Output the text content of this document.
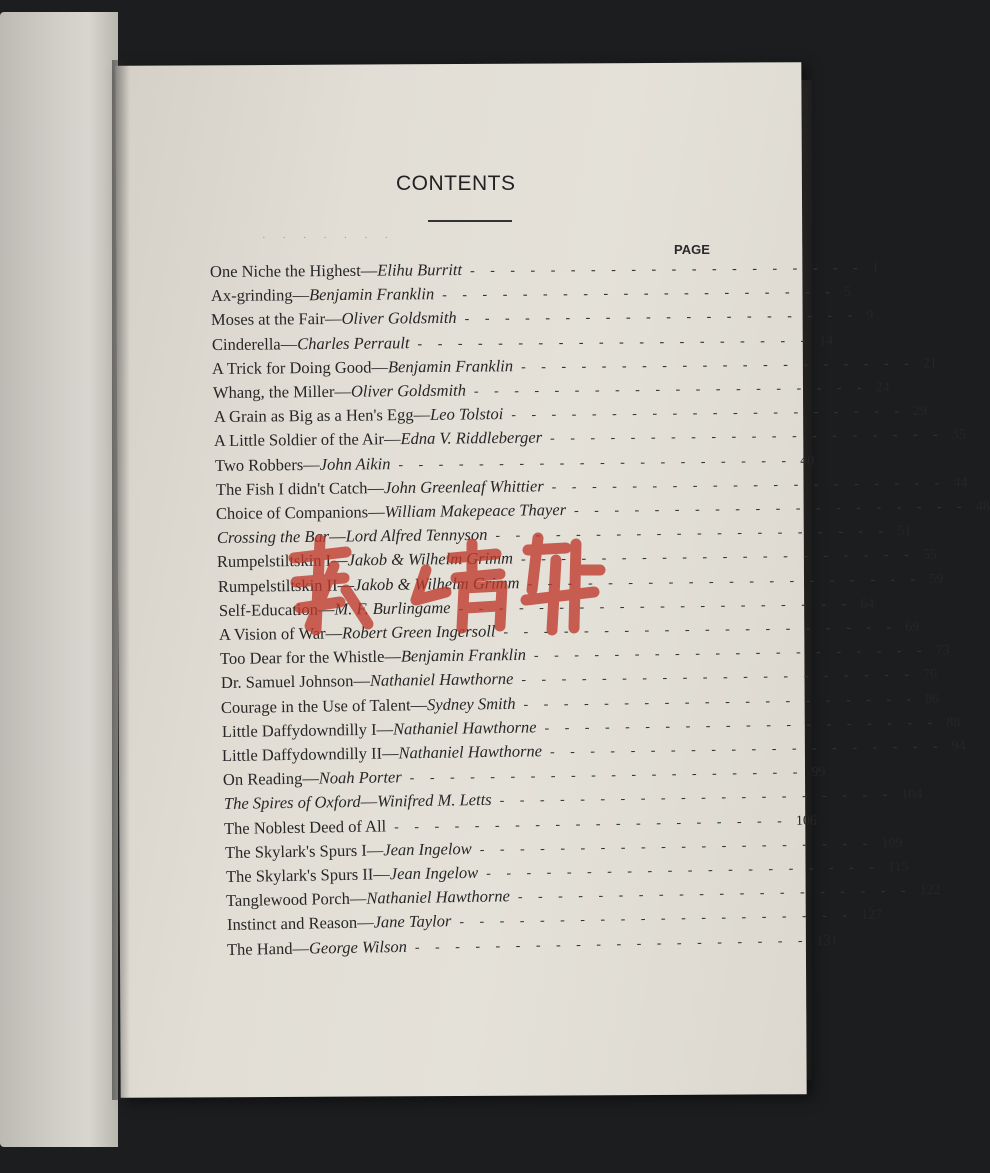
CONTENTS
· · · · · · ·
PAGE
One Niche the Highest — Elihu Burritt - - - - - - - - - - - - - - - - - - - - 1
Ax-grinding — Benjamin Franklin - - - - - - - - - - - - - - - - - - - - 5
Moses at the Fair — Oliver Goldsmith - - - - - - - - - - - - - - - - - - - - 9
Cinderella — Charles Perrault - - - - - - - - - - - - - - - - - - - - 14
A Trick for Doing Good — Benjamin Franklin - - - - - - - - - - - - - - - - - - - - 21
Whang, the Miller — Oliver Goldsmith - - - - - - - - - - - - - - - - - - - - 24
A Grain as Big as a Hen's Egg — Leo Tolstoi - - - - - - - - - - - - - - - - - - - - 29
A Little Soldier of the Air — Edna V. Riddleberger - - - - - - - - - - - - - - - - - - - - 35
Two Robbers — John Aikin - - - - - - - - - - - - - - - - - - - - 40
The Fish I didn't Catch — John Greenleaf Whittier - - - - - - - - - - - - - - - - - - - - 44
Choice of Companions — William Makepeace Thayer - - - - - - - - - - - - - - - - - - - - 48
Crossing the Bar — Lord Alfred Tennyson - - - - - - - - - - - - - - - - - - - - 51
Rumpelstiltskin I — Jakob & Wilhelm Grimm - - - - - - - - - - - - - - - - - - - - 55
Rumpelstiltskin II — Jakob & Wilhelm Grimm - - - - - - - - - - - - - - - - - - - - 59
Self-Education — M. F. Burlingame - - - - - - - - - - - - - - - - - - - - 64
A Vision of War — Robert Green Ingersoll - - - - - - - - - - - - - - - - - - - - 69
Too Dear for the Whistle — Benjamin Franklin - - - - - - - - - - - - - - - - - - - - 73
Dr. Samuel Johnson — Nathaniel Hawthorne - - - - - - - - - - - - - - - - - - - - 76
Courage in the Use of Talent — Sydney Smith - - - - - - - - - - - - - - - - - - - - 86
Little Daffydowndilly I — Nathaniel Hawthorne - - - - - - - - - - - - - - - - - - - - 88
Little Daffydowndilly II — Nathaniel Hawthorne - - - - - - - - - - - - - - - - - - - - 94
On Reading — Noah Porter - - - - - - - - - - - - - - - - - - - - 99
The Spires of Oxford — Winifred M. Letts - - - - - - - - - - - - - - - - - - - - 104
The Noblest Deed of All - - - - - - - - - - - - - - - - - - - - 106
The Skylark's Spurs I — Jean Ingelow - - - - - - - - - - - - - - - - - - - - 109
The Skylark's Spurs II — Jean Ingelow - - - - - - - - - - - - - - - - - - - - 115
Tanglewood Porch — Nathaniel Hawthorne - - - - - - - - - - - - - - - - - - - - 122
Instinct and Reason — Jane Taylor - - - - - - - - - - - - - - - - - - - - 127
The Hand — George Wilson - - - - - - - - - - - - - - - - - - - - 131
